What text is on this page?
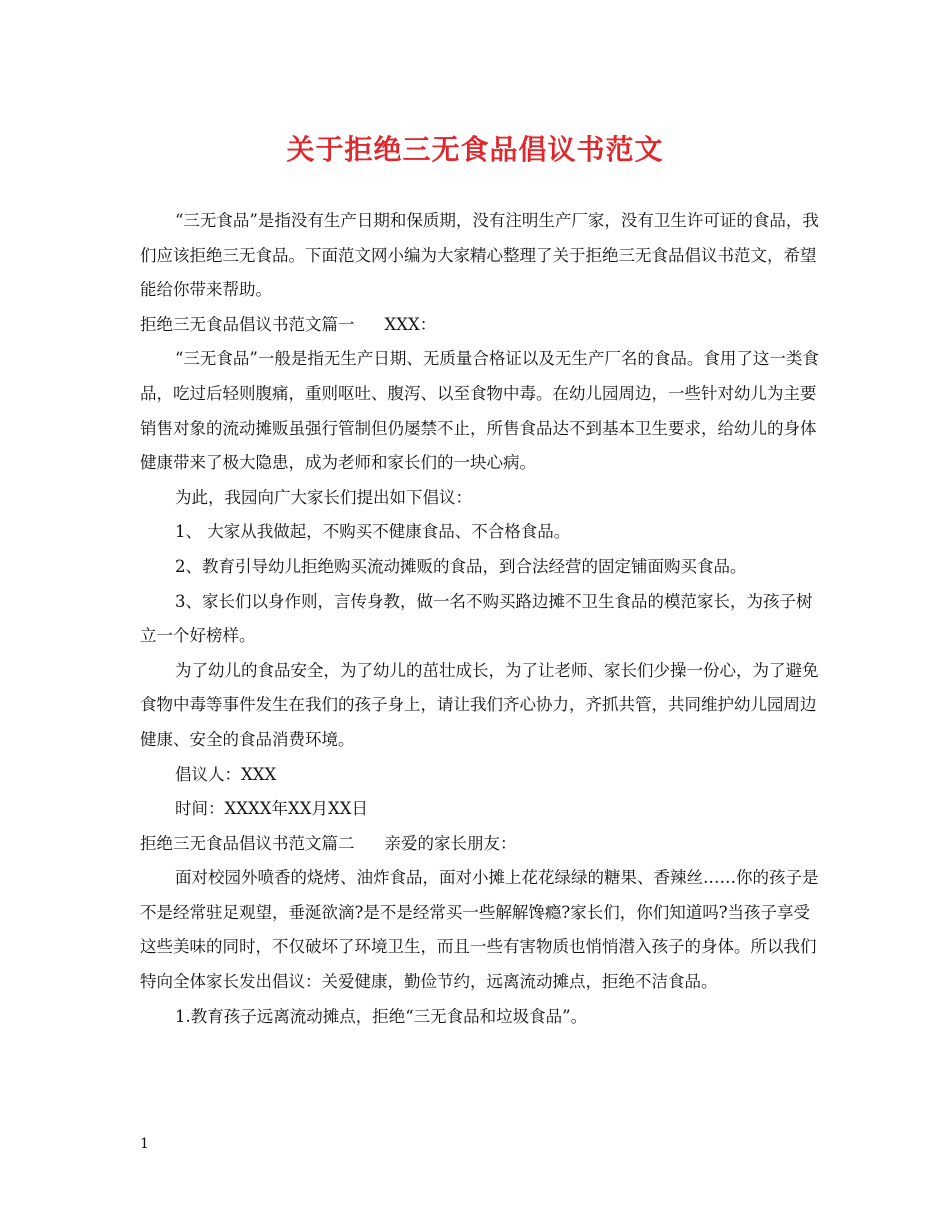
关于拒绝三无食品倡议书范文

“三无食品”是指没有生产日期和保质期，没有注明生产厂家，没有卫生许可证的食品，我们应该拒绝三无食品。下面范文网小编为大家精心整理了关于拒绝三无食品倡议书范文，希望能给你带来帮助。

拒绝三无食品倡议书范文篇一 XXX：

“三无食品”一般是指无生产日期、无质量合格证以及无生产厂名的食品。食用了这一类食品，吃过后轻则腹痛，重则呕吐、腹泻、以至食物中毒。在幼儿园周边，一些针对幼儿为主要销售对象的流动摊贩虽强行管制但仍屡禁不止，所售食品达不到基本卫生要求，给幼儿的身体健康带来了极大隐患，成为老师和家长们的一块心病。

为此，我园向广大家长们提出如下倡议：

1、 大家从我做起，不购买不健康食品、不合格食品。

2、教育引导幼儿拒绝购买流动摊贩的食品，到合法经营的固定铺面购买食品。

3、家长们以身作则，言传身教，做一名不购买路边摊不卫生食品的模范家长，为孩子树立一个好榜样。

为了幼儿的食品安全，为了幼儿的茁壮成长，为了让老师、家长们少操一份心，为了避免食物中毒等事件发生在我们的孩子身上，请让我们齐心协力，齐抓共管，共同维护幼儿园周边健康、安全的食品消费环境。

倡议人：XXX

时间：XXXX年XX月XX日

拒绝三无食品倡议书范文篇二 亲爱的家长朋友：

面对校园外喷香的烧烤、油炸食品，面对小摊上花花绿绿的糖果、香辣丝……你的孩子是不是经常驻足观望，垂涎欲滴?是不是经常买一些解解馋瘾?家长们，你们知道吗?当孩子享受这些美味的同时，不仅破坏了环境卫生，而且一些有害物质也悄悄潜入孩子的身体。所以我们特向全体家长发出倡议：关爱健康，勤俭节约，远离流动摊点，拒绝不洁食品。

1.教育孩子远离流动摊点，拒绝“三无食品和垃圾食品”。

1
